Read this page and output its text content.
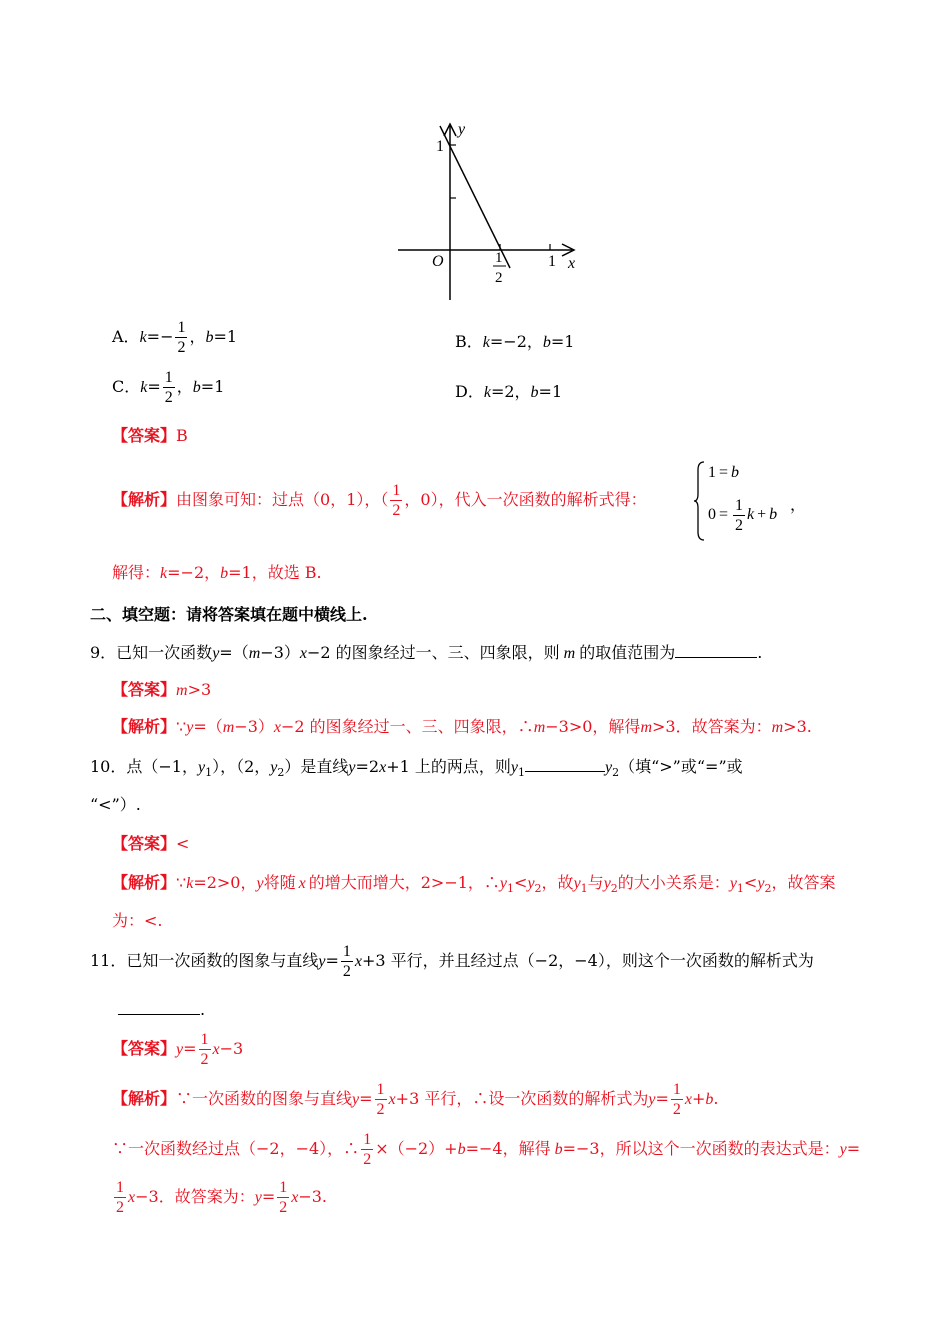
y
x
O
1
1
1
2
A．$k=- \frac{1}{2}$ ，b=1	B．k=−2，b=1
C．$k= \frac{1}{2}$ ，b=1	D．k=2，b=1
【答案】B
【解析】由图象可知：过点（0，1），（ $\frac{1}{2}$ ，0），代入一次函数的解析式得：
1 = b
$0 = \frac{1}{2}$ k + b
，
解得：k=−2，b=1，故选 B.
二、填空题：请将答案填在题中横线上.
9．已知一次函数y=（m−3）x−2 的图象经过一、三、四象限，则 m 的取值范围为	.
【答案】m>3
【解析】∵y=（m−3）x−2 的图象经过一、三、四象限，∴m−3>0，解得m>3．故答案为：m>3.
10．点（−1，$y_1$），（2，$y_2$）是直线y=2x+1 上的两点，则$y_1$	$y_2$（填“>”或“=”或
“<”）.
【答案】<
【解析】∵k=2>0，y将随 x 的增大而增大，2>−1，$\therefore y_1<y_2$，故$y_1$与$y_2$的大小关系是：$y_1<y_2$，故答案
为：<.
11．已知一次函数的图象与直线$y= \frac{1}{2} x+3$ 平行，并且经过点（−2，−4），则这个一次函数的解析式为
.
【答案】$y= \frac{1}{2} x-3$
【解析】∵一次函数的图象与直线$y= \frac{1}{2} x+3$ 平行，∴设一次函数的解析式为$y= \frac{1}{2} x+b$.
∵一次函数经过点（−2，−4），∴ $\frac{1}{2} \times(-2)+b=-4$，解得 b=−3，所以这个一次函数的表达式是：y=
$\frac{1}{2} x-3$．故答案为：$y= \frac{1}{2} x-3$.
